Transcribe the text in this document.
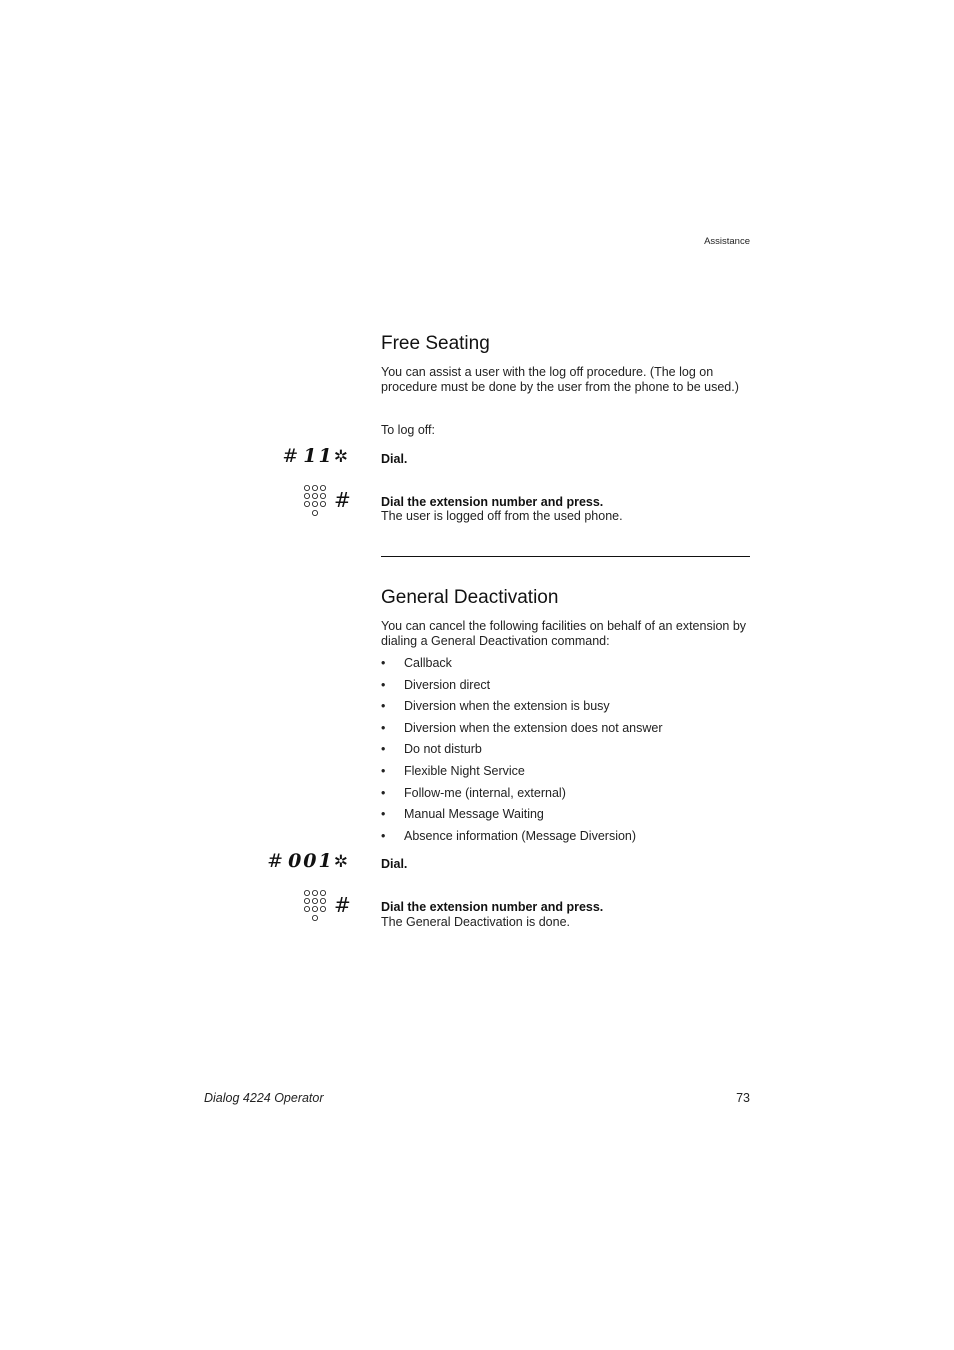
Assistance
Free Seating
You can assist a user with the log off procedure. (The log on procedure must be done by the user from the phone to be used.)
To log off:
# 11✲ Dial.
# Dial the extension number and press.
The user is logged off from the used phone.
General Deactivation
You can cancel the following facilities on behalf of an extension by dialing a General Deactivation command:
• Callback
• Diversion direct
• Diversion when the extension is busy
• Diversion when the extension does not answer
• Do not disturb
• Flexible Night Service
• Follow-me (internal, external)
• Manual Message Waiting
• Absence information (Message Diversion)
# 001✲ Dial.
# Dial the extension number and press.
The General Deactivation is done.
Dialog 4224 Operator	73
